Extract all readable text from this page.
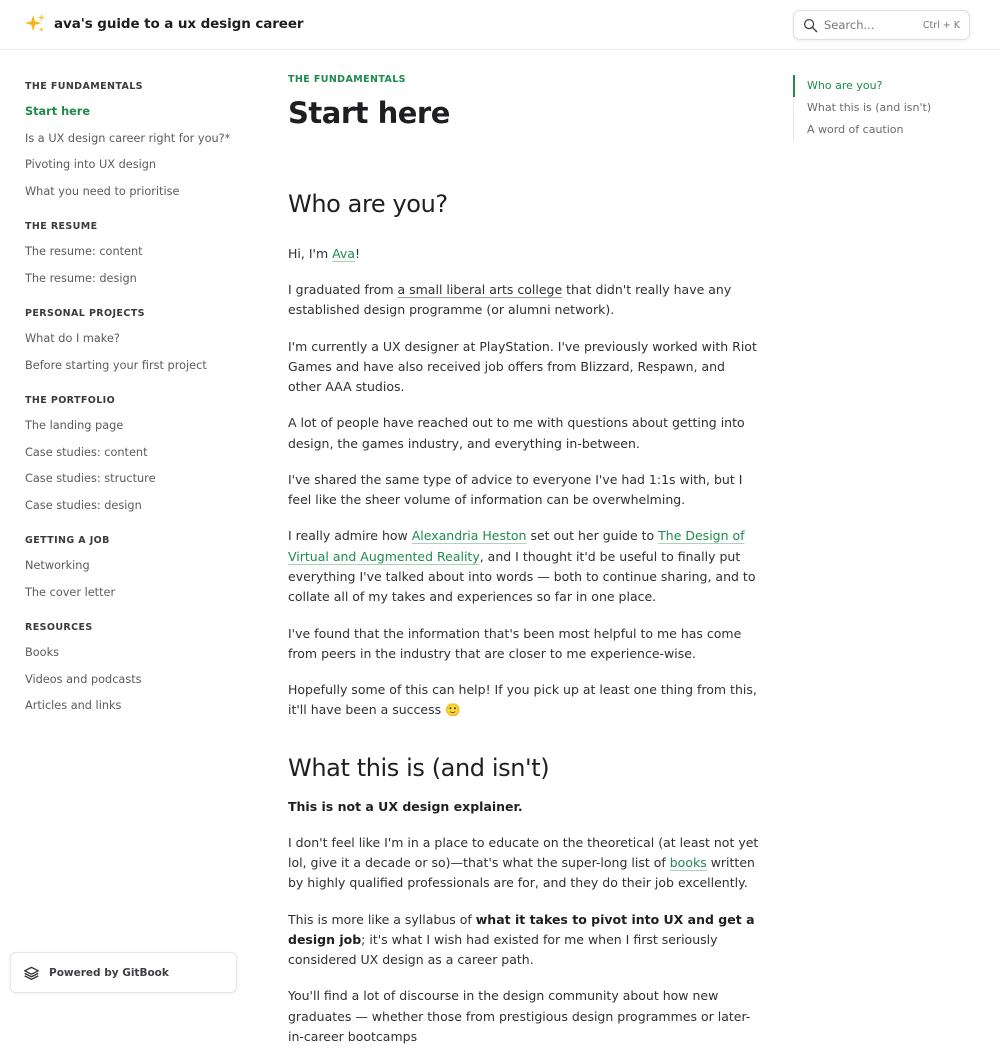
ava's guide to a ux design career	Search...	Ctrl + K
THE FUNDAMENTALS
Start here
Is a UX design career right for you?*
Pivoting into UX design
What you need to prioritise
THE RESUME
The resume: content
The resume: design
PERSONAL PROJECTS
What do I make?
Before starting your first project
THE PORTFOLIO
The landing page
Case studies: content
Case studies: structure
Case studies: design
GETTING A JOB
Networking
The cover letter
RESOURCES
Books
Videos and podcasts
Articles and links
Powered by GitBook
THE FUNDAMENTALS
Start here
Who are you?

Hi, I'm Ava!

I graduated from a small liberal arts college that didn't really have any established design programme (or alumni network).

I'm currently a UX designer at PlayStation. I've previously worked with Riot Games and have also received job offers from Blizzard, Respawn, and other AAA studios.

A lot of people have reached out to me with questions about getting into design, the games industry, and everything in-between.

I've shared the same type of advice to everyone I've had 1:1s with, but I feel like the sheer volume of information can be overwhelming.

I really admire how Alexandria Heston set out her guide to The Design of Virtual and Augmented Reality, and I thought it'd be useful to finally put everything I've talked about into words — both to continue sharing, and to collate all of my takes and experiences so far in one place.

I've found that the information that's been most helpful to me has come from peers in the industry that are closer to me experience-wise.

Hopefully some of this can help! If you pick up at least one thing from this, it'll have been a success 🙂

What this is (and isn't)

This is not a UX design explainer.

I don't feel like I'm in a place to educate on the theoretical (at least not yet lol, give it a decade or so)—that's what the super-long list of books written by highly qualified professionals are for, and they do their job excellently.

This is more like a syllabus of what it takes to pivot into UX and get a design job; it's what I wish had existed for me when I first seriously considered UX design as a career path.

You'll find a lot of discourse in the design community about how new graduates — whether those from prestigious design programmes or later-in-career bootcamps

Who are you?
What this is (and isn't)
A word of caution
